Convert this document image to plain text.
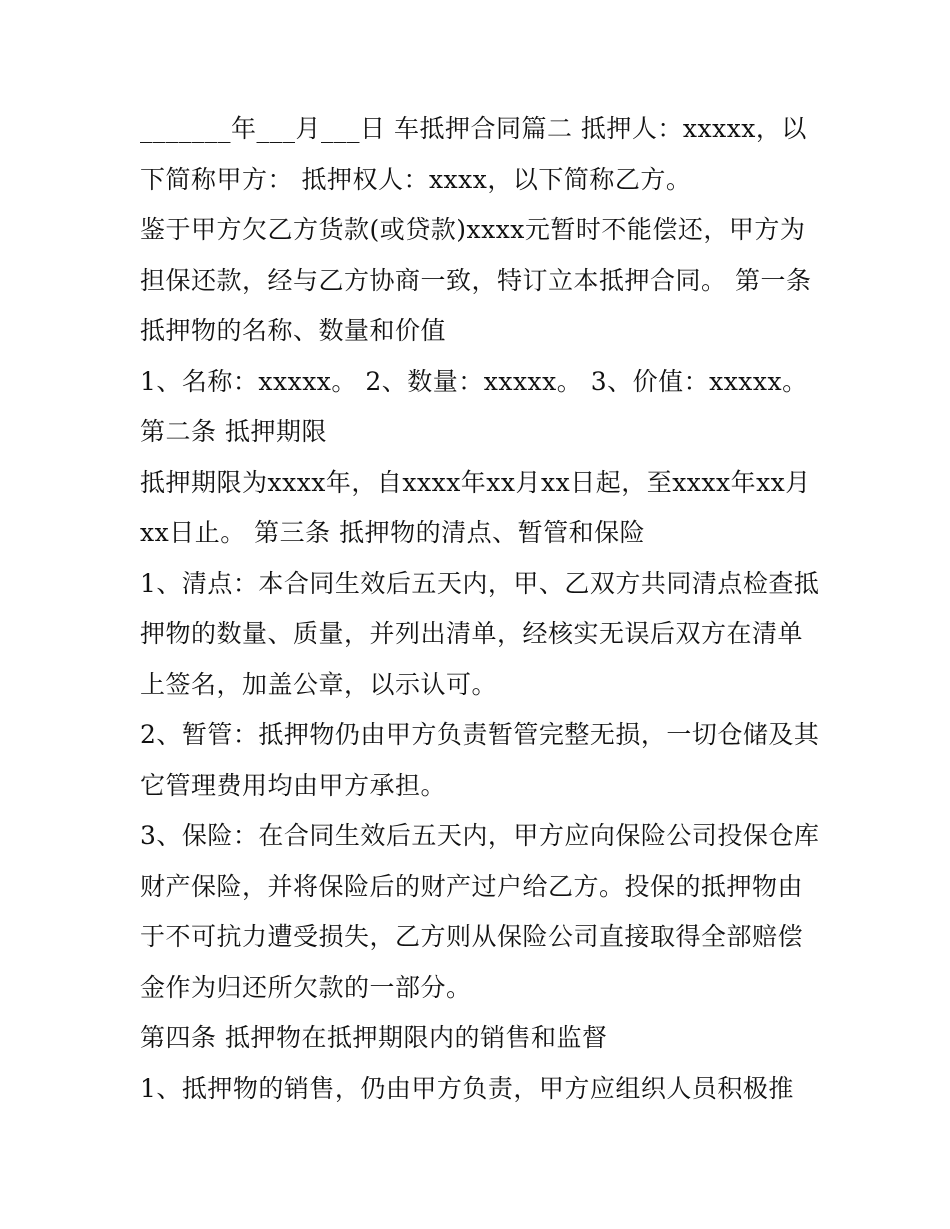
_______年___月___日 车抵押合同篇二 抵押人：xxxxx，以下简称甲方： 抵押权人：xxxx，以下简称乙方。

鉴于甲方欠乙方货款(或贷款)xxxx元暂时不能偿还，甲方为担保还款，经与乙方协商一致，特订立本抵押合同。 第一条 抵押物的名称、数量和价值

1、名称：xxxxx。 2、数量：xxxxx。 3、价值：xxxxx。 第二条 抵押期限

抵押期限为xxxx年，自xxxx年xx月xx日起，至xxxx年xx月xx日止。 第三条 抵押物的清点、暂管和保险

1、清点：本合同生效后五天内，甲、乙双方共同清点检查抵押物的数量、质量，并列出清单，经核实无误后双方在清单上签名，加盖公章，以示认可。

2、暂管：抵押物仍由甲方负责暂管完整无损，一切仓储及其它管理费用均由甲方承担。

3、保险：在合同生效后五天内，甲方应向保险公司投保仓库财产保险，并将保险后的财产过户给乙方。投保的抵押物由于不可抗力遭受损失，乙方则从保险公司直接取得全部赔偿金作为归还所欠款的一部分。

第四条 抵押物在抵押期限内的销售和监督

1、抵押物的销售，仍由甲方负责，甲方应组织人员积极推
